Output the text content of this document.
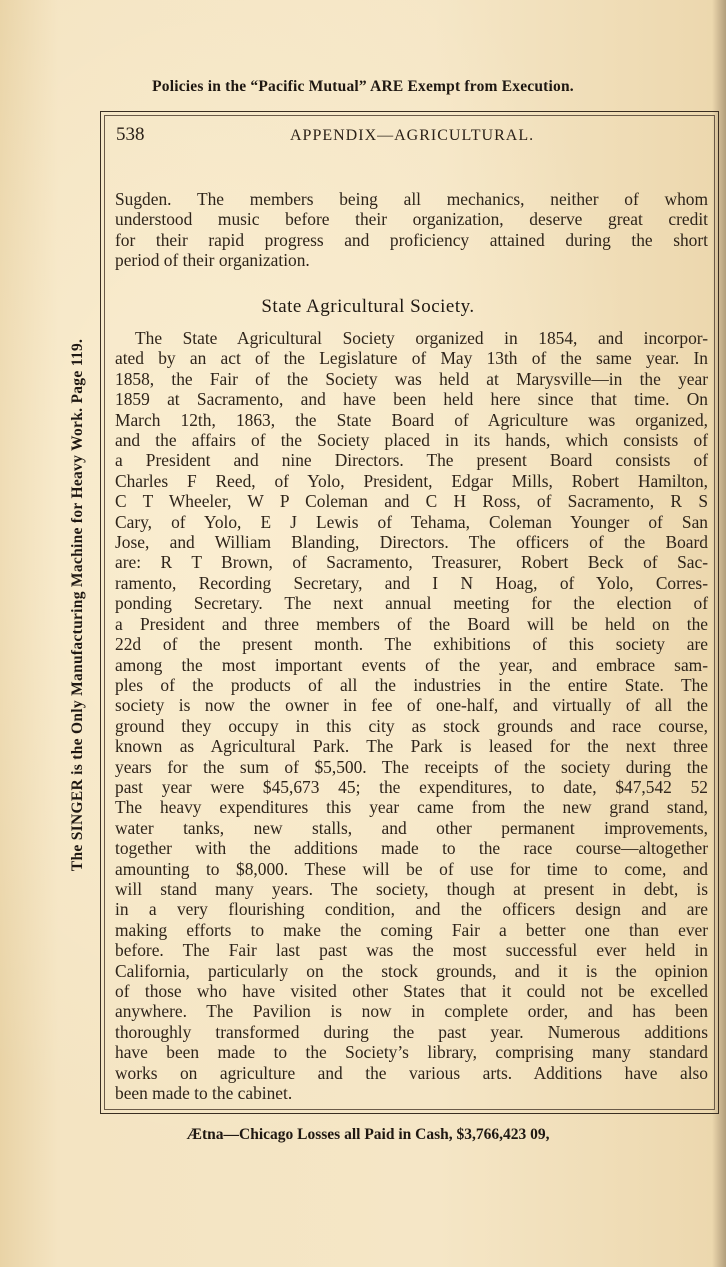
Policies in the “Pacific Mutual” ARE Exempt from Execution.
The SINGER is the Only Manufacturing Machine for Heavy Work. Page 119.
538	APPENDIX—AGRICULTURAL.
Sugden. The members being all mechanics, neither of whom
understood music before their organization, deserve great credit
for their rapid progress and proficiency attained during the short
period of their organization.
State Agricultural Society.
The State Agricultural Society organized in 1854, and incorpor-
ated by an act of the Legislature of May 13th of the same year. In
1858, the Fair of the Society was held at Marysville—in the year
1859 at Sacramento, and have been held here since that time. On
March 12th, 1863, the State Board of Agriculture was organized,
and the affairs of the Society placed in its hands, which consists of
a President and nine Directors. The present Board consists of
Charles F Reed, of Yolo, President, Edgar Mills, Robert Hamilton,
C T Wheeler, W P Coleman and C H Ross, of Sacramento, R S
Cary, of Yolo, E J Lewis of Tehama, Coleman Younger of San
Jose, and William Blanding, Directors. The officers of the Board
are: R T Brown, of Sacramento, Treasurer, Robert Beck of Sac-
ramento, Recording Secretary, and I N Hoag, of Yolo, Corres-
ponding Secretary. The next annual meeting for the election of
a President and three members of the Board will be held on the
22d of the present month. The exhibitions of this society are
among the most important events of the year, and embrace sam-
ples of the products of all the industries in the entire State. The
society is now the owner in fee of one-half, and virtually of all the
ground they occupy in this city as stock grounds and race course,
known as Agricultural Park. The Park is leased for the next three
years for the sum of $5,500. The receipts of the society during the
past year were $45,673 45; the expenditures, to date, $47,542 52
The heavy expenditures this year came from the new grand stand,
water tanks, new stalls, and other permanent improvements,
together with the additions made to the race course—altogether
amounting to $8,000. These will be of use for time to come, and
will stand many years. The society, though at present in debt, is
in a very flourishing condition, and the officers design and are
making efforts to make the coming Fair a better one than ever
before. The Fair last past was the most successful ever held in
California, particularly on the stock grounds, and it is the opinion
of those who have visited other States that it could not be excelled
anywhere. The Pavilion is now in complete order, and has been
thoroughly transformed during the past year. Numerous additions
have been made to the Society’s library, comprising many standard
works on agriculture and the various arts. Additions have also
been made to the cabinet.
Ætna—Chicago Losses all Paid in Cash, $3,766,423 09,
